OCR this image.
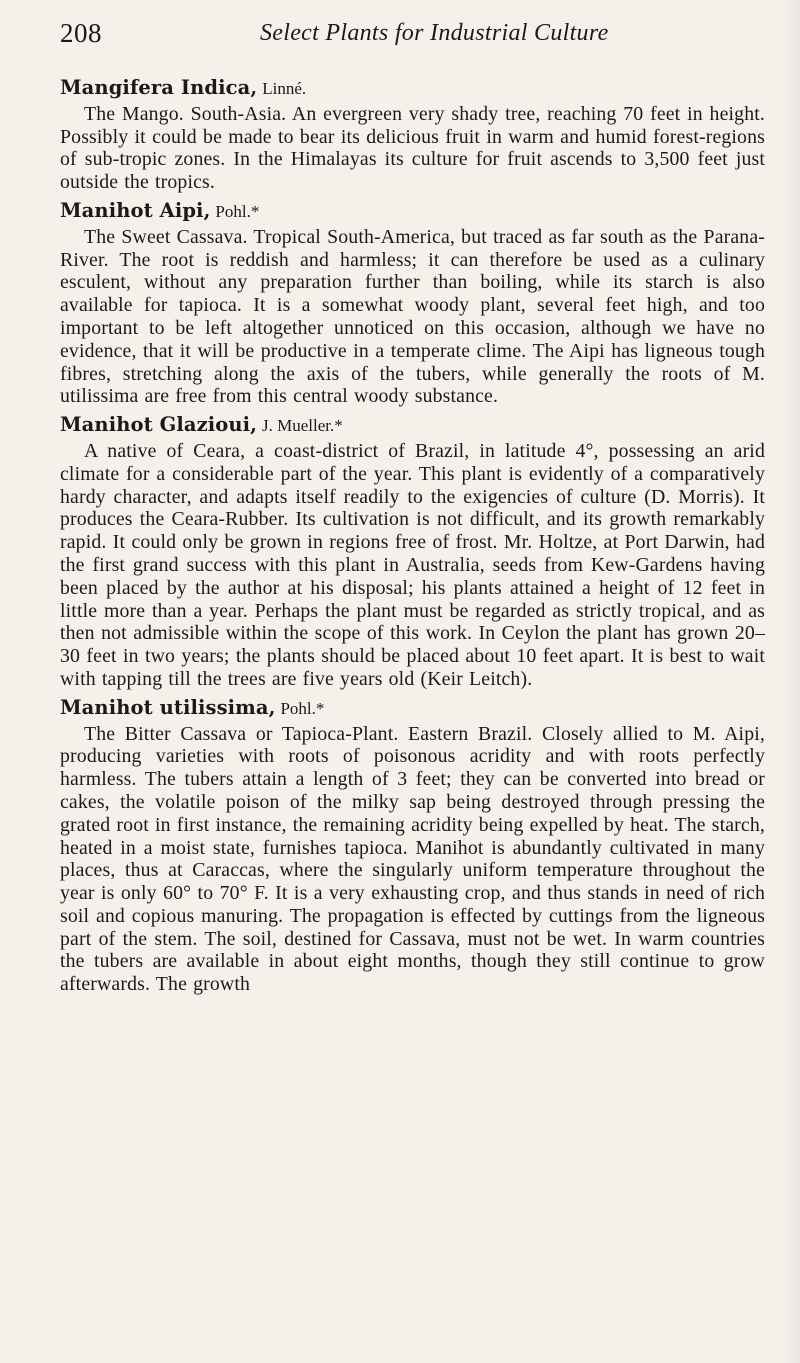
208	Select Plants for Industrial Culture

Mangifera Indica, Linné.

The Mango. South-Asia. An evergreen very shady tree, reaching 70 feet in height. Possibly it could be made to bear its delicious fruit in warm and humid forest-regions of sub-tropic zones. In the Himalayas its culture for fruit ascends to 3,500 feet just outside the tropics.

Manihot Aipi, Pohl.*

The Sweet Cassava. Tropical South-America, but traced as far south as the Parana-River. The root is reddish and harmless; it can therefore be used as a culinary esculent, without any preparation further than boiling, while its starch is also available for tapioca. It is a somewhat woody plant, several feet high, and too important to be left altogether unnoticed on this occasion, although we have no evidence, that it will be productive in a temperate clime. The Aipi has ligneous tough fibres, stretching along the axis of the tubers, while generally the roots of M. utilissima are free from this central woody substance.

Manihot Glazioui, J. Mueller.*

A native of Ceara, a coast-district of Brazil, in latitude 4°, possessing an arid climate for a considerable part of the year. This plant is evidently of a comparatively hardy character, and adapts itself readily to the exigencies of culture (D. Morris). It produces the Ceara-Rubber. Its cultivation is not difficult, and its growth remarkably rapid. It could only be grown in regions free of frost. Mr. Holtze, at Port Darwin, had the first grand success with this plant in Australia, seeds from Kew-Gardens having been placed by the author at his disposal; his plants attained a height of 12 feet in little more than a year. Perhaps the plant must be regarded as strictly tropical, and as then not admissible within the scope of this work. In Ceylon the plant has grown 20–30 feet in two years; the plants should be placed about 10 feet apart. It is best to wait with tapping till the trees are five years old (Keir Leitch).

Manihot utilissima, Pohl.*

The Bitter Cassava or Tapioca-Plant. Eastern Brazil. Closely allied to M. Aipi, producing varieties with roots of poisonous acridity and with roots perfectly harmless. The tubers attain a length of 3 feet; they can be converted into bread or cakes, the volatile poison of the milky sap being destroyed through pressing the grated root in first instance, the remaining acridity being expelled by heat. The starch, heated in a moist state, furnishes tapioca. Manihot is abundantly cultivated in many places, thus at Caraccas, where the singularly uniform temperature throughout the year is only 60° to 70° F. It is a very exhausting crop, and thus stands in need of rich soil and copious manuring. The propagation is effected by cuttings from the ligneous part of the stem. The soil, destined for Cassava, must not be wet. In warm countries the tubers are available in about eight months, though they still continue to grow afterwards. The growth
